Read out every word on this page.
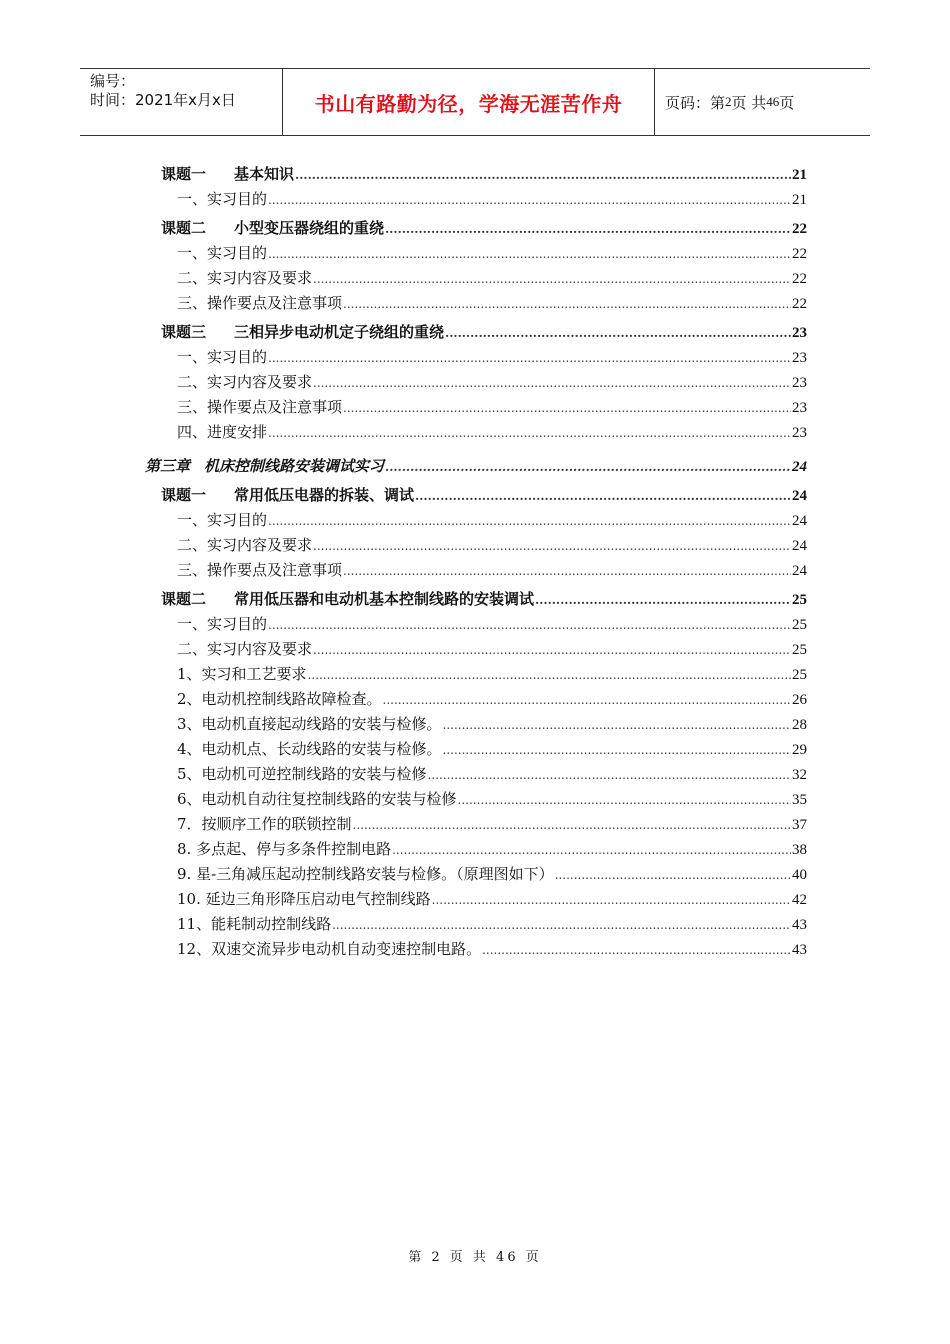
编号：
时间：2021年x月x日	书山有路勤为径，学海无涯苦作舟	页码：第 2 页 共 46 页
课题一 基本知识 .....	21
一、实习目的 .....	21
课题二 小型变压器绕组的重绕 .....	22
一、实习目的 .....	22
二、实习内容及要求 .....	22
三、操作要点及注意事项 .....	22
课题三 三相异步电动机定子绕组的重绕 .....	23
一、实习目的 .....	23
二、实习内容及要求 .....	23
三、操作要点及注意事项 .....	23
四、进度安排 .....	23
第三章 机床控制线路安装调试实习 .....	24
课题一 常用低压电器的拆装、调试 .....	24
一、实习目的 .....	24
二、实习内容及要求 .....	24
三、操作要点及注意事项 .....	24
课题二 常用低压器和电动机基本控制线路的安装调试 .....	25
一、实习目的 .....	25
二、实习内容及要求 .....	25
1、实习和工艺要求 .....	25
2、电动机控制线路故障检查。 .....	26
3、电动机直接起动线路的安装与检修。 .....	28
4、电动机点、长动线路的安装与检修。 .....	29
5、电动机可逆控制线路的安装与检修 .....	32
6、电动机自动往复控制线路的安装与检修 .....	35
7．按顺序工作的联锁控制 .....	37
8. 多点起、停与多条件控制电路 .....	38
9. 星-三角减压起动控制线路安装与检修。（原理图如下） .....	40
10. 延边三角形降压启动电气控制线路 .....	42
11、能耗制动控制线路 .....	43
12、双速交流异步电动机自动变速控制电路。 .....	43
第 2 页 共 46 页
